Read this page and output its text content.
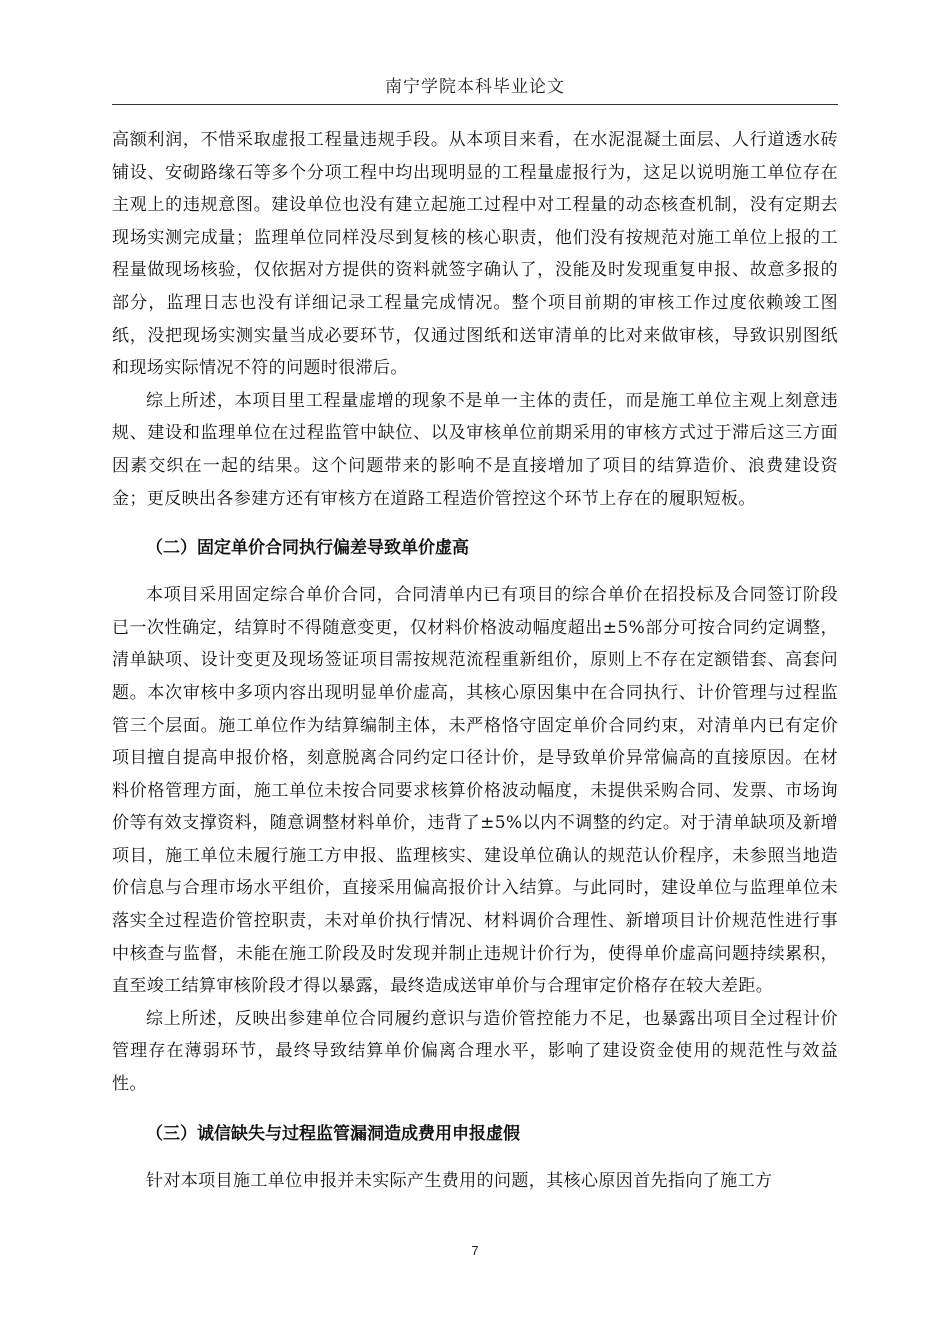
南宁学院本科毕业论文

高额利润，不惜采取虚报工程量违规手段。从本项目来看，在水泥混凝土面层、人行道透水砖铺设、安砌路缘石等多个分项工程中均出现明显的工程量虚报行为，这足以说明施工单位存在主观上的违规意图。建设单位也没有建立起施工过程中对工程量的动态核查机制，没有定期去现场实测完成量；监理单位同样没尽到复核的核心职责，他们没有按规范对施工单位上报的工程量做现场核验，仅依据对方提供的资料就签字确认了，没能及时发现重复申报、故意多报的部分，监理日志也没有详细记录工程量完成情况。整个项目前期的审核工作过度依赖竣工图纸，没把现场实测实量当成必要环节，仅通过图纸和送审清单的比对来做审核，导致识别图纸和现场实际情况不符的问题时很滞后。

综上所述，本项目里工程量虚增的现象不是单一主体的责任，而是施工单位主观上刻意违规、建设和监理单位在过程监管中缺位、以及审核单位前期采用的审核方式过于滞后这三方面因素交织在一起的结果。这个问题带来的影响不是直接增加了项目的结算造价、浪费建设资金；更反映出各参建方还有审核方在道路工程造价管控这个环节上存在的履职短板。

（二）固定单价合同执行偏差导致单价虚高

本项目采用固定综合单价合同，合同清单内已有项目的综合单价在招投标及合同签订阶段已一次性确定，结算时不得随意变更，仅材料价格波动幅度超出±5%部分可按合同约定调整，清单缺项、设计变更及现场签证项目需按规范流程重新组价，原则上不存在定额错套、高套问题。本次审核中多项内容出现明显单价虚高，其核心原因集中在合同执行、计价管理与过程监管三个层面。施工单位作为结算编制主体，未严格恪守固定单价合同约束，对清单内已有定价项目擅自提高申报价格，刻意脱离合同约定口径计价，是导致单价异常偏高的直接原因。在材料价格管理方面，施工单位未按合同要求核算价格波动幅度，未提供采购合同、发票、市场询价等有效支撑资料，随意调整材料单价，违背了±5%以内不调整的约定。对于清单缺项及新增项目，施工单位未履行施工方申报、监理核实、建设单位确认的规范认价程序，未参照当地造价信息与合理市场水平组价，直接采用偏高报价计入结算。与此同时，建设单位与监理单位未落实全过程造价管控职责，未对单价执行情况、材料调价合理性、新增项目计价规范性进行事中核查与监督，未能在施工阶段及时发现并制止违规计价行为，使得单价虚高问题持续累积，直至竣工结算审核阶段才得以暴露，最终造成送审单价与合理审定价格存在较大差距。

综上所述，反映出参建单位合同履约意识与造价管控能力不足，也暴露出项目全过程计价管理存在薄弱环节，最终导致结算单价偏离合理水平，影响了建设资金使用的规范性与效益性。

（三）诚信缺失与过程监管漏洞造成费用申报虚假

针对本项目施工单位申报并未实际产生费用的问题，其核心原因首先指向了施工方

7
